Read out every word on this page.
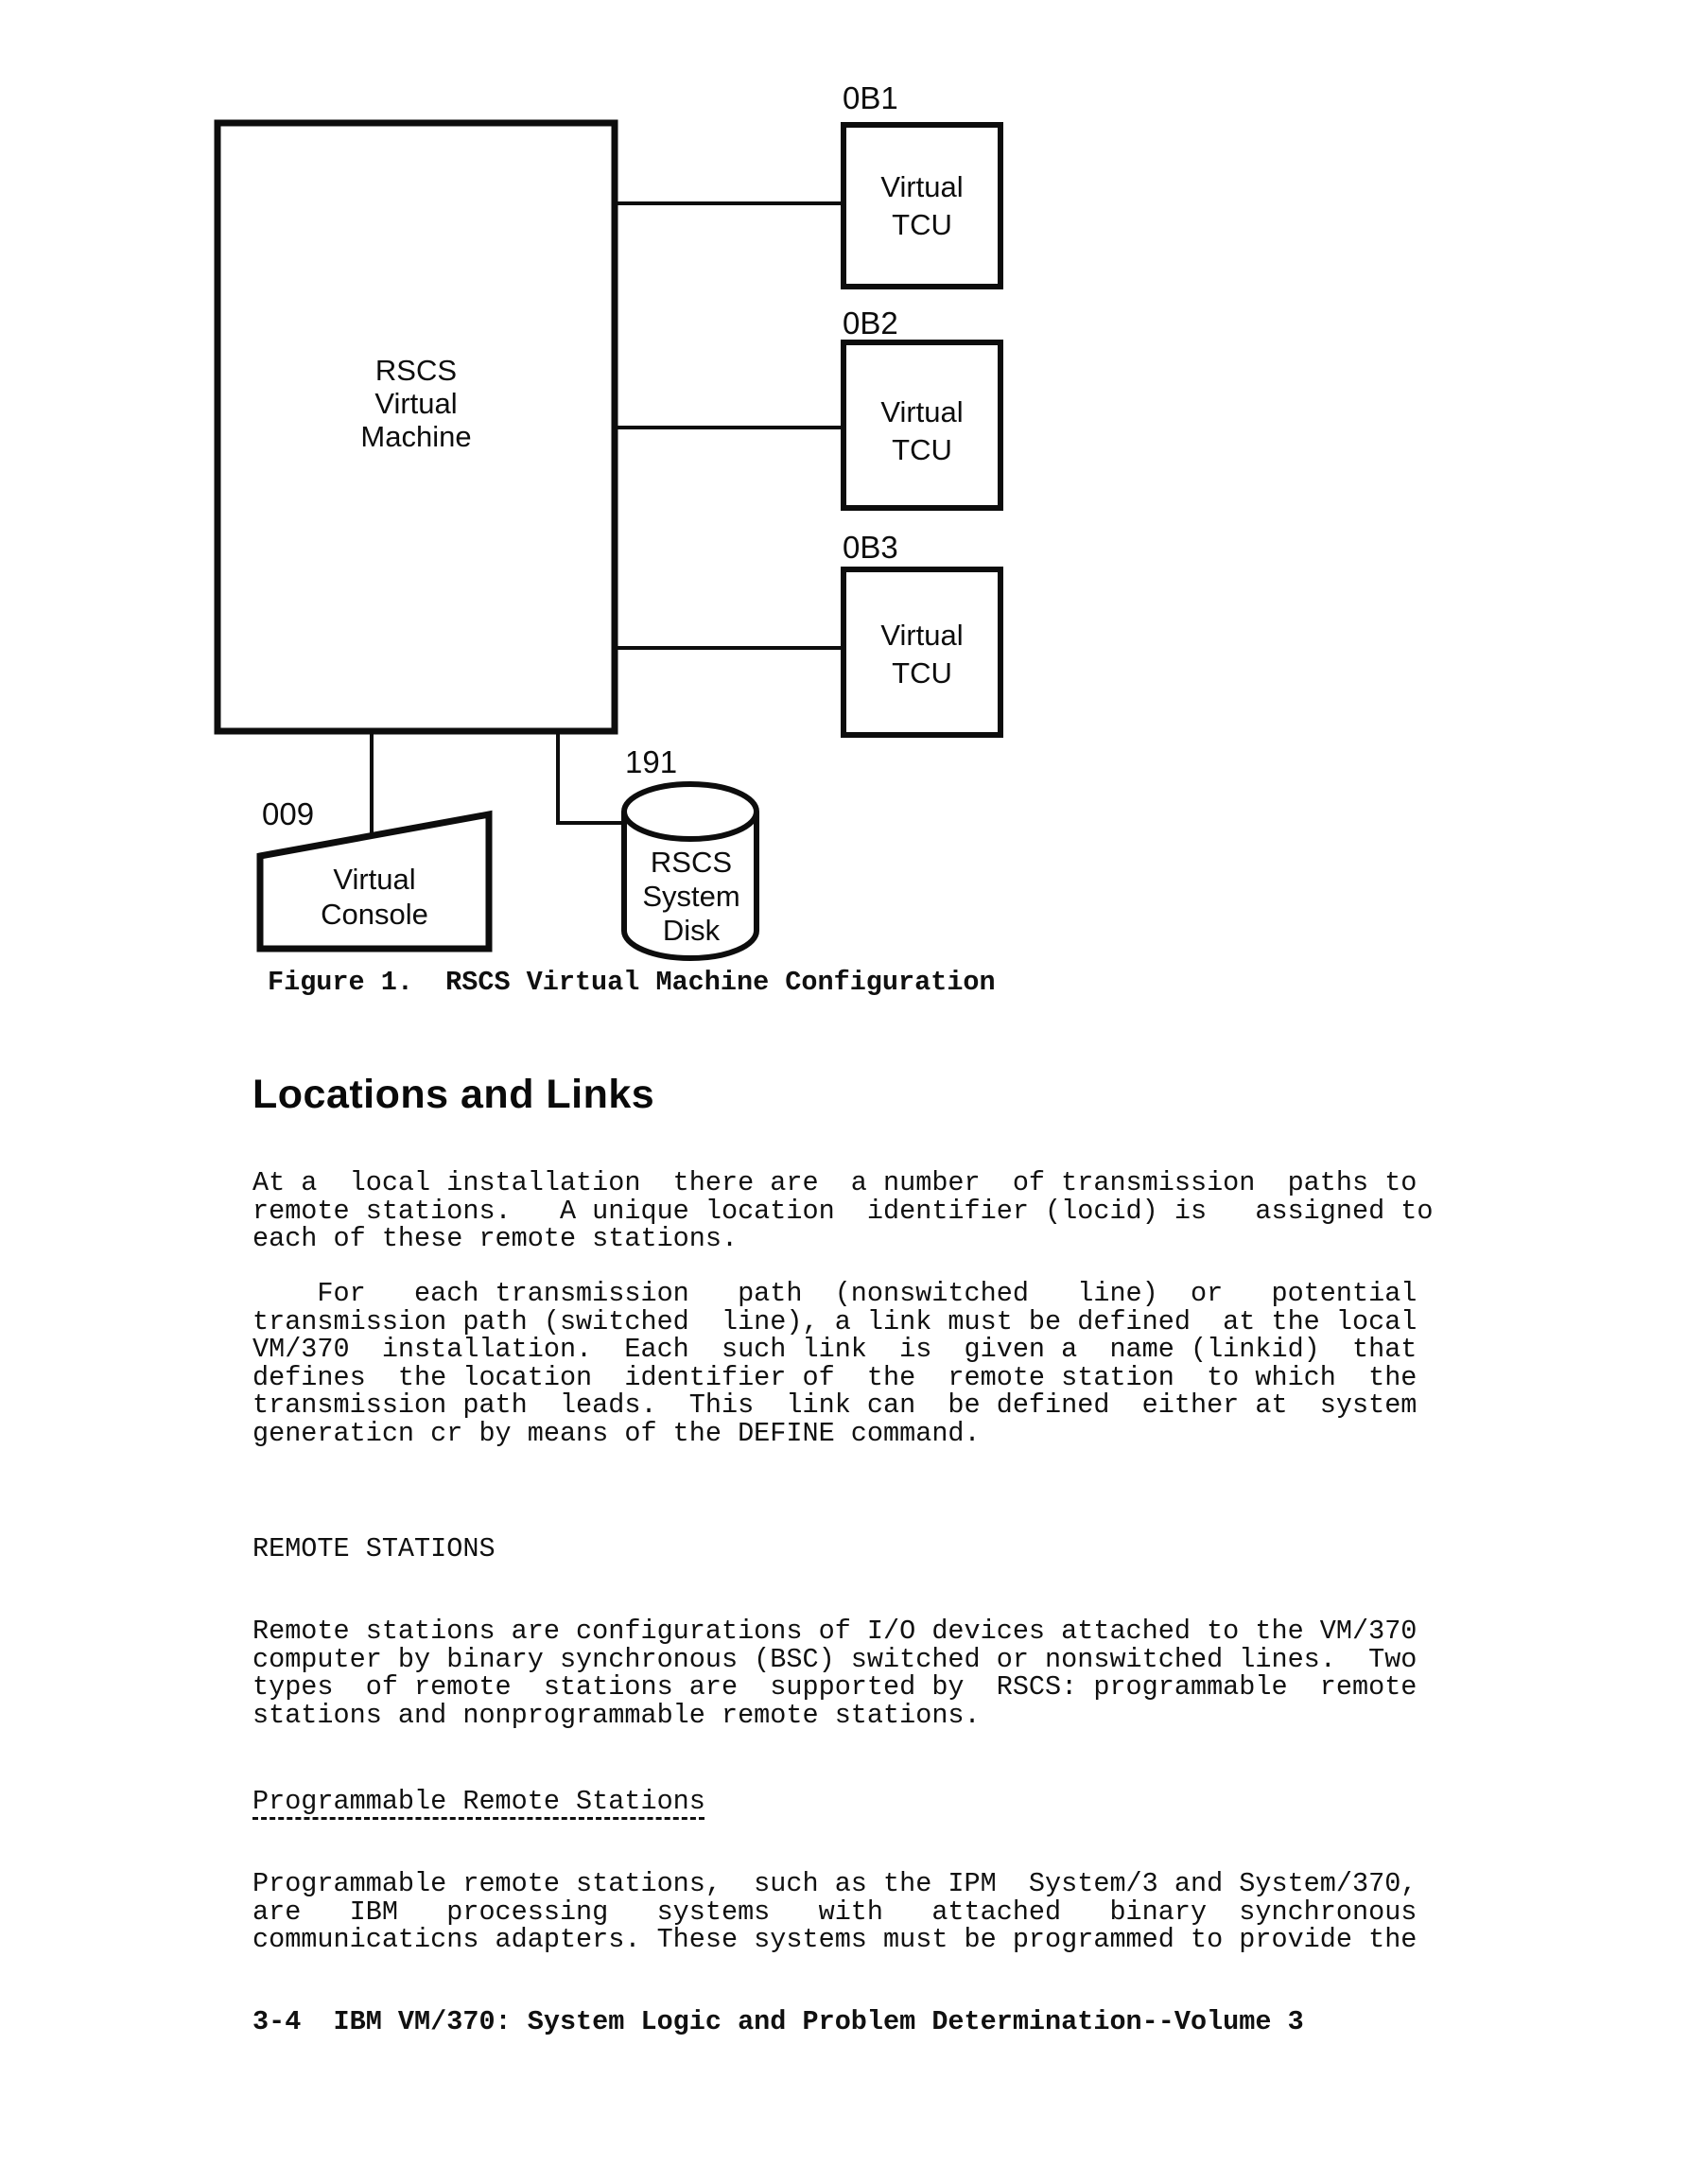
RSCS
Virtual
Machine
0B1
Virtual
TCU
0B2
Virtual
TCU
0B3
Virtual
TCU
009
Virtual
Console
191
RSCS
System
Disk
Figure 1.  RSCS Virtual Machine Configuration
Locations and Links
At a  local installation  there are  a number  of transmission  paths to
remote stations.   A unique location  identifier (locid) is   assigned to
each of these remote stations.
For   each transmission   path  (nonswitched   line)  or   potential
transmission path (switched  line), a link must be defined  at the local
VM/370  installation.  Each  such link  is  given a  name (linkid)  that
defines  the location  identifier of  the  remote station  to which  the
transmission path  leads.  This  link can  be defined  either at  system
generaticn cr by means of the DEFINE command.
REMOTE STATIONS
Remote stations are configurations of I/O devices attached to the VM/370
computer by binary synchronous (BSC) switched or nonswitched lines.  Two
types  of remote  stations are  supported by  RSCS: programmable  remote
stations and nonprogrammable remote stations.
Programmable Remote Stations
Programmable remote stations,  such as the IPM  System/3 and System/370,
are   IBM   processing   systems   with   attached   binary  synchronous
communicaticns adapters. These systems must be programmed to provide the
3-4  IBM VM/370: System Logic and Problem Determination--Volume 3
